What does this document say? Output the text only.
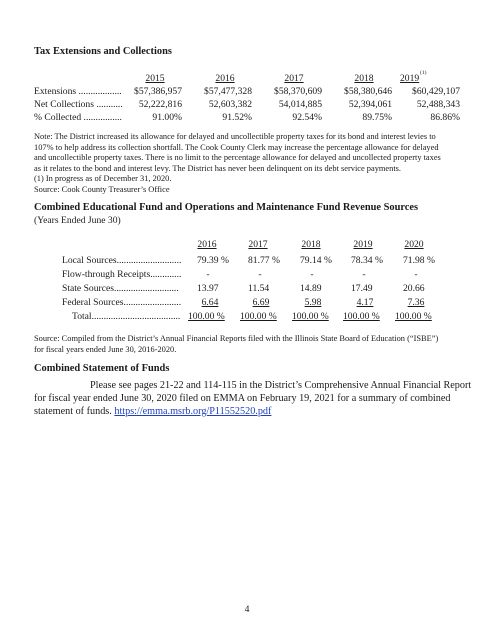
Tax Extensions and Collections
2015	2016	2017	2018	2019 (1)
Extensions ..................	$57,386,957	$57,477,328	$58,370,609	$58,380,646	$60,429,107
Net Collections ...........	52,222,816	52,603,382	54,014,885	52,394,061	52,488,343
% Collected ................	91.00%	91.52%	92.54%	89.75%	86.86%
Note: The District increased its allowance for delayed and uncollectible property taxes for its bond and interest levies to
107% to help address its collection shortfall. The Cook County Clerk may increase the percentage allowance for delayed
and uncollectible property taxes. There is no limit to the percentage allowance for delayed and uncollected property taxes
as it relates to the bond and interest levy. The District has never been delinquent on its debt service payments.
(1) In progress as of December 31, 2020.
Source: Cook County Treasurer’s Office
Combined Educational Fund and Operations and Maintenance Fund Revenue Sources
(Years Ended June 30)
2016	2017	2018	2019	2020
Local Sources........................... 79.39 % 81.77 % 79.14 % 78.34 % 71.98 %
Flow-through Receipts.............	-	-	-	-	-
State Sources........................... 13.97	11.54	14.89	17.49	20.66
Federal Sources........................	6.64	6.69	5.98	4.17	7.36
Total..................................... 100.00 % 100.00 % 100.00 % 100.00 % 100.00 %
Source: Compiled from the District’s Annual Financial Reports filed with the Illinois State Board of Education (“ISBE”)
for fiscal years ended June 30, 2016-2020.
Combined Statement of Funds
Please see pages 21-22 and 114-115 in the District’s Comprehensive Annual Financial Report
for fiscal year ended June 30, 2020 filed on EMMA on February 19, 2021 for a summary of combined
statement of funds. https://emma.msrb.org/P11552520.pdf
4
